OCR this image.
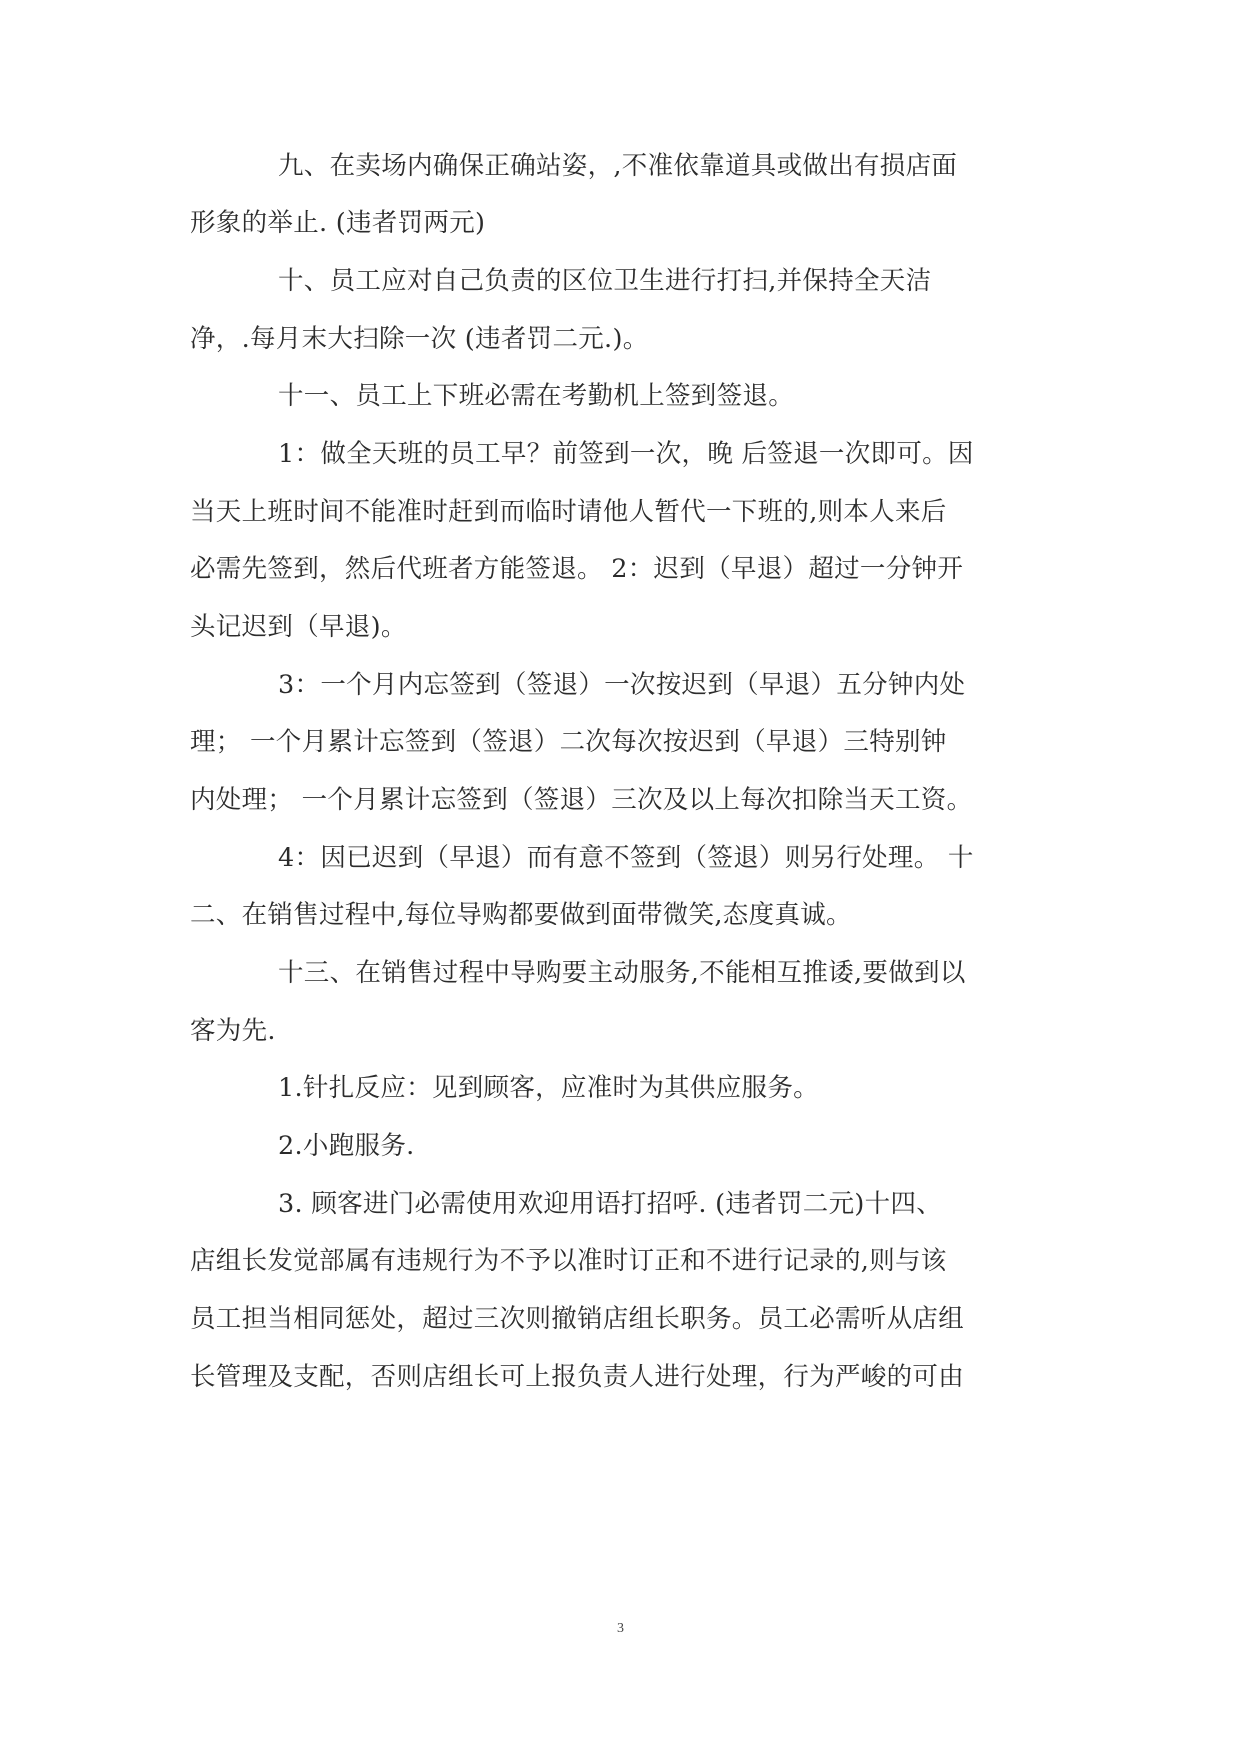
九、在卖场内确保正确站姿，,不准依靠道具或做出有损店面
形象的举止. (违者罚两元)
十、员工应对自己负责的区位卫生进行打扫,并保持全天洁
净，.每月末大扫除一次 (违者罚二元.)。
十一、员工上下班必需在考勤机上签到签退。
1：做全天班的员工早？前签到一次，晚 后签退一次即可。因
当天上班时间不能准时赶到而临时请他人暂代一下班的,则本人来后
必需先签到，然后代班者方能签退。 2：迟到（早退）超过一分钟开
头记迟到（早退)。
3：一个月内忘签到（签退）一次按迟到（早退）五分钟内处
理； 一个月累计忘签到（签退）二次每次按迟到（早退）三特别钟
内处理； 一个月累计忘签到（签退）三次及以上每次扣除当天工资。
4：因已迟到（早退）而有意不签到（签退）则另行处理。 十
二、在销售过程中,每位导购都要做到面带微笑,态度真诚。
十三、在销售过程中导购要主动服务,不能相互推诿,要做到以
客为先.
1.针扎反应：见到顾客，应准时为其供应服务。
2.小跑服务.
3. 顾客进门必需使用欢迎用语打招呼. (违者罚二元)十四、
店组长发觉部属有违规行为不予以准时订正和不进行记录的,则与该
员工担当相同惩处，超过三次则撤销店组长职务。员工必需听从店组
长管理及支配，否则店组长可上报负责人进行处理，行为严峻的可由
3
